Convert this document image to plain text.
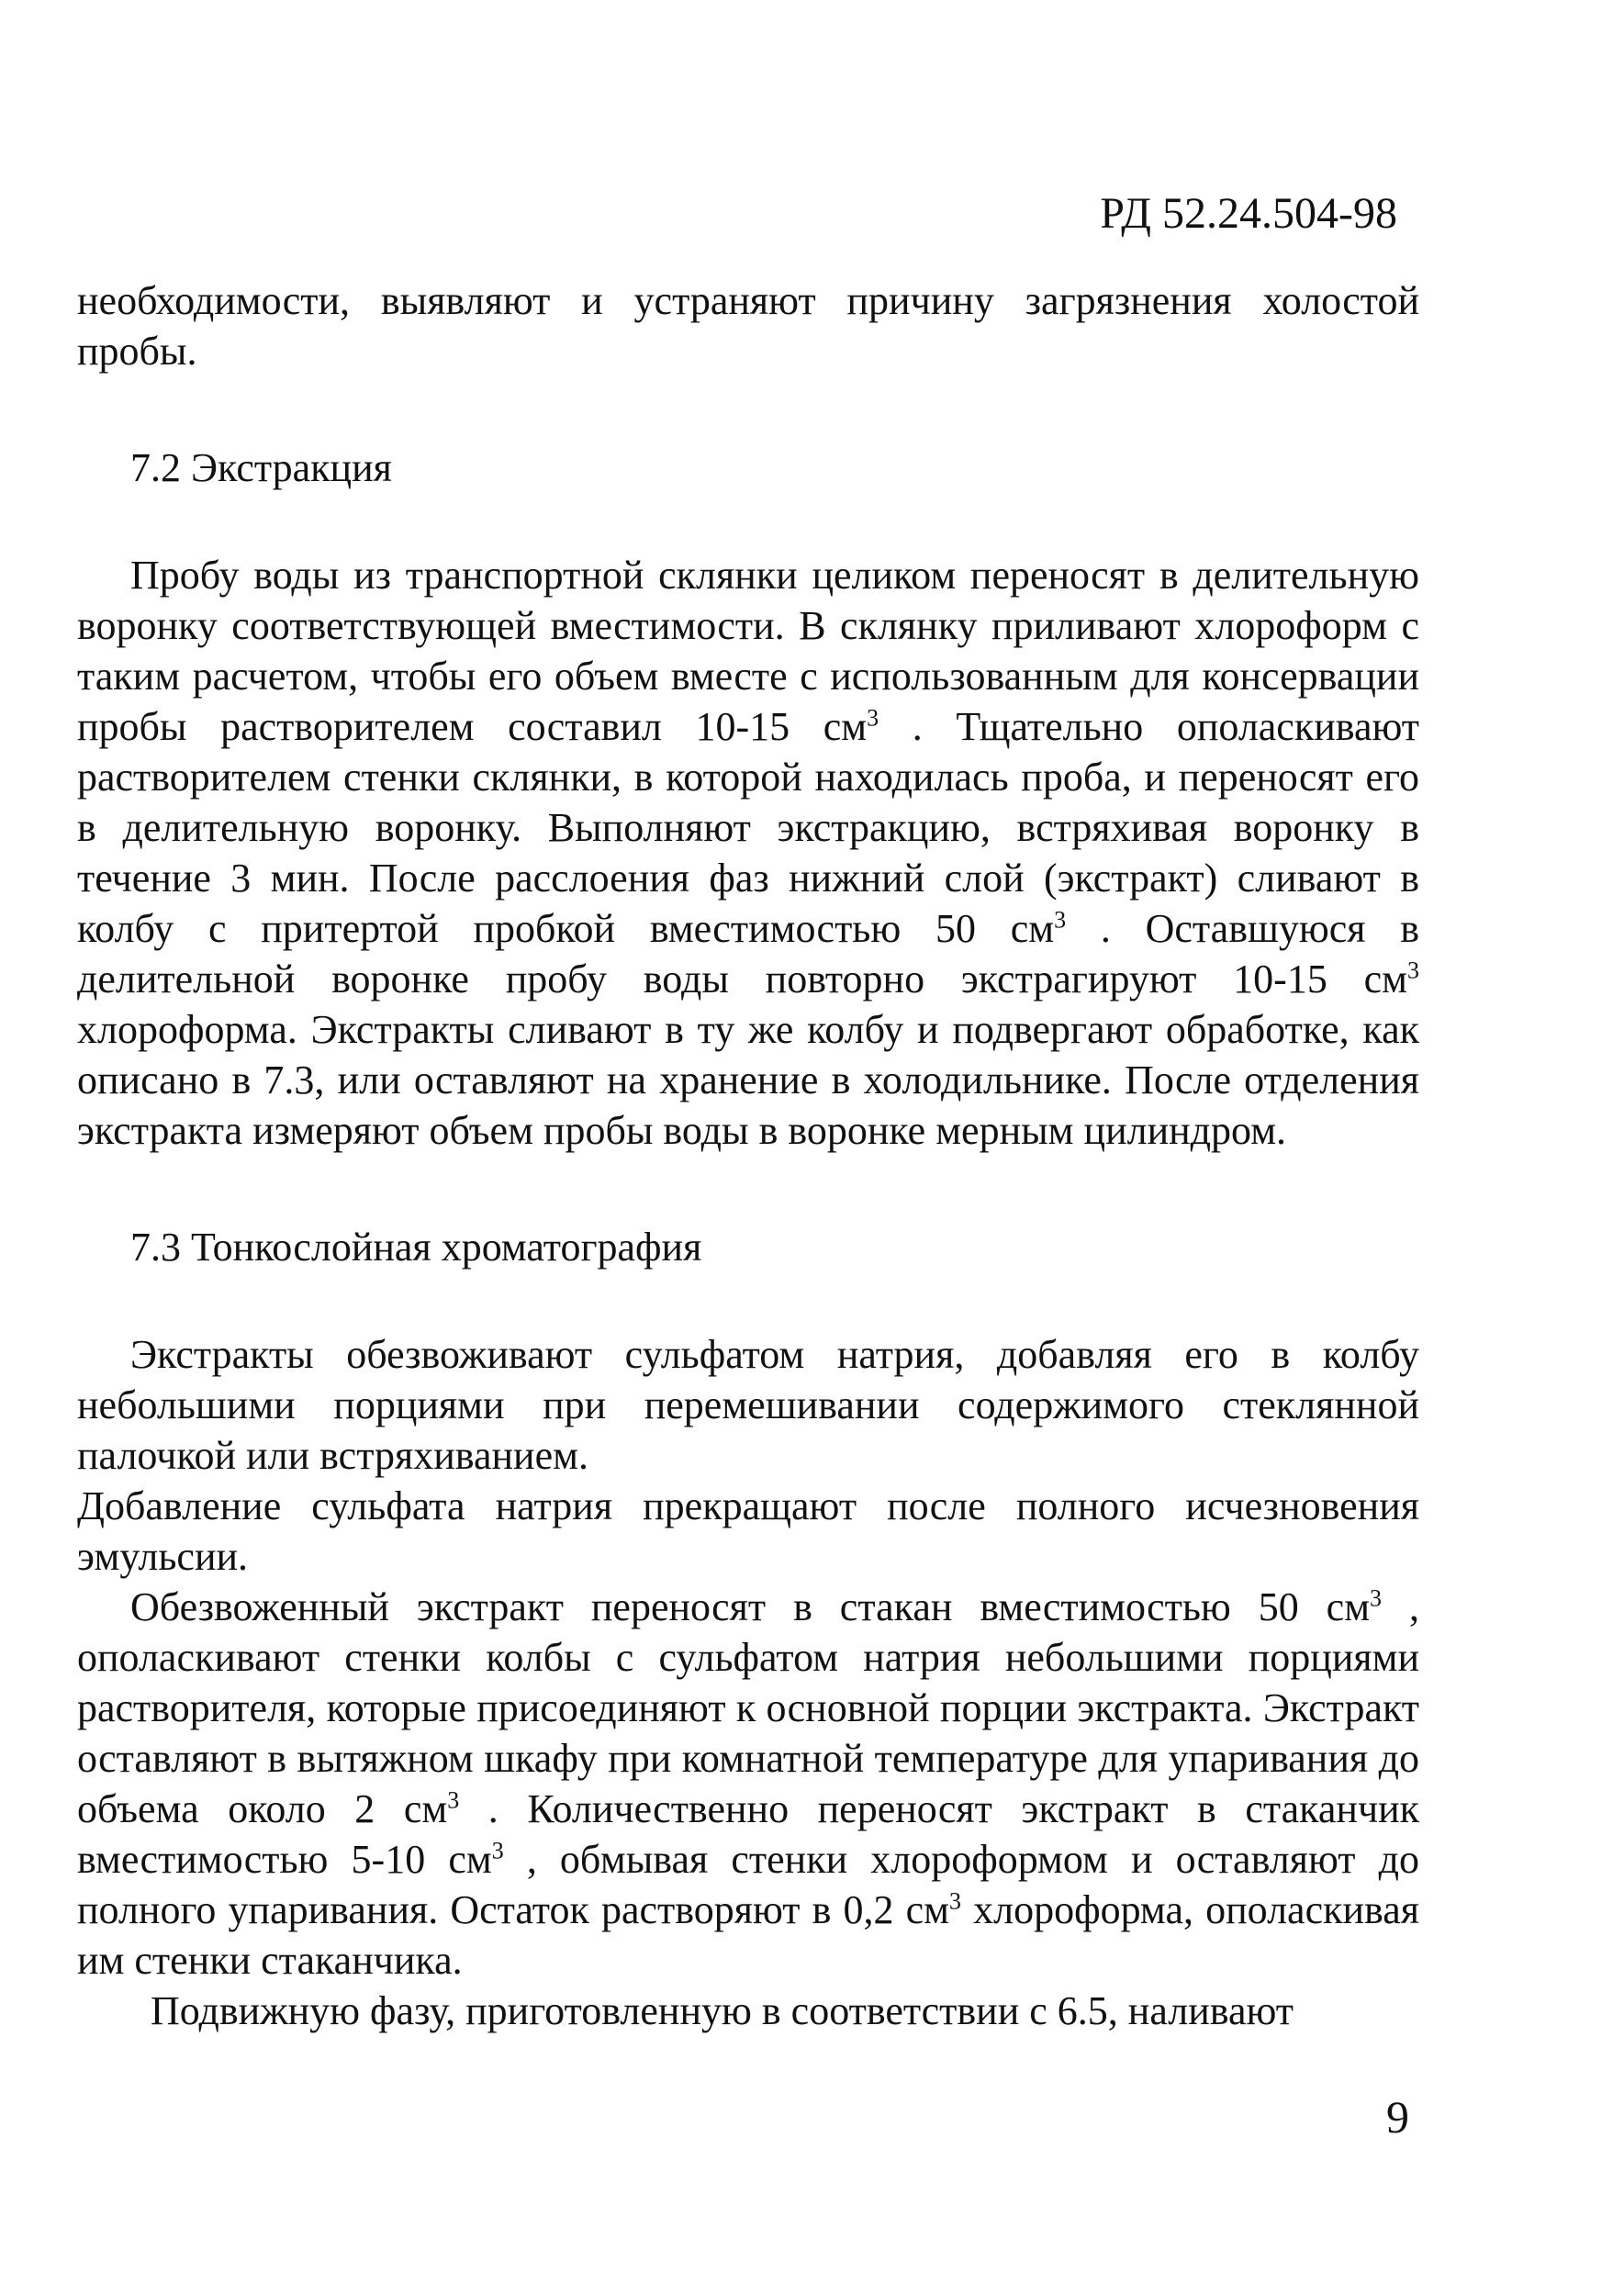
РД 52.24.504-98

необходимости, выявляют и устраняют причину загрязнения холостой пробы.

7.2 Экстракция

Пробу воды из транспортной склянки целиком переносят в делительную воронку соответствующей вместимости. В склянку приливают хлороформ с таким расчетом, чтобы его объем вместе с использованным для консервации пробы растворителем составил 10-15 $см^3$ . Тщательно ополаскивают растворителем стенки склянки, в которой находилась проба, и переносят его в делительную воронку. Выполняют экстракцию, встряхивая воронку в течение 3 мин. После расслоения фаз нижний слой (экстракт) сливают в колбу с притертой пробкой вместимостью 50 $см^3$ . Оставшуюся в делительной воронке пробу воды повторно экстрагируют 10-15 $см^3$ хлороформа. Экстракты сливают в ту же колбу и подвергают обработке, как описано в 7.3, или оставляют на хранение в холодильнике. После отделения экстракта измеряют объем пробы воды в воронке мерным цилиндром.

7.3 Тонкослойная хроматография

Экстракты обезвоживают сульфатом натрия, добавляя его в колбу небольшими порциями при перемешивании содержимого стеклянной палочкой или встряхиванием.

Добавление сульфата натрия прекращают после полного исчезновения эмульсии.

Обезвоженный экстракт переносят в стакан вместимостью 50 $см^3$ , ополаскивают стенки колбы с сульфатом натрия небольшими порциями растворителя, которые присоединяют к основной порции экстракта. Экстракт оставляют в вытяжном шкафу при комнатной температуре для упаривания до объема около 2 $см^3$ . Количественно переносят экстракт в стаканчик вместимостью 5-10 $см^3$ , обмывая стенки хлороформом и оставляют до полного упаривания. Остаток растворяют в 0,2 $см^3$ хлороформа, ополаскивая им стенки стаканчика.

Подвижную фазу, приготовленную в соответствии с 6.5, наливают

9
